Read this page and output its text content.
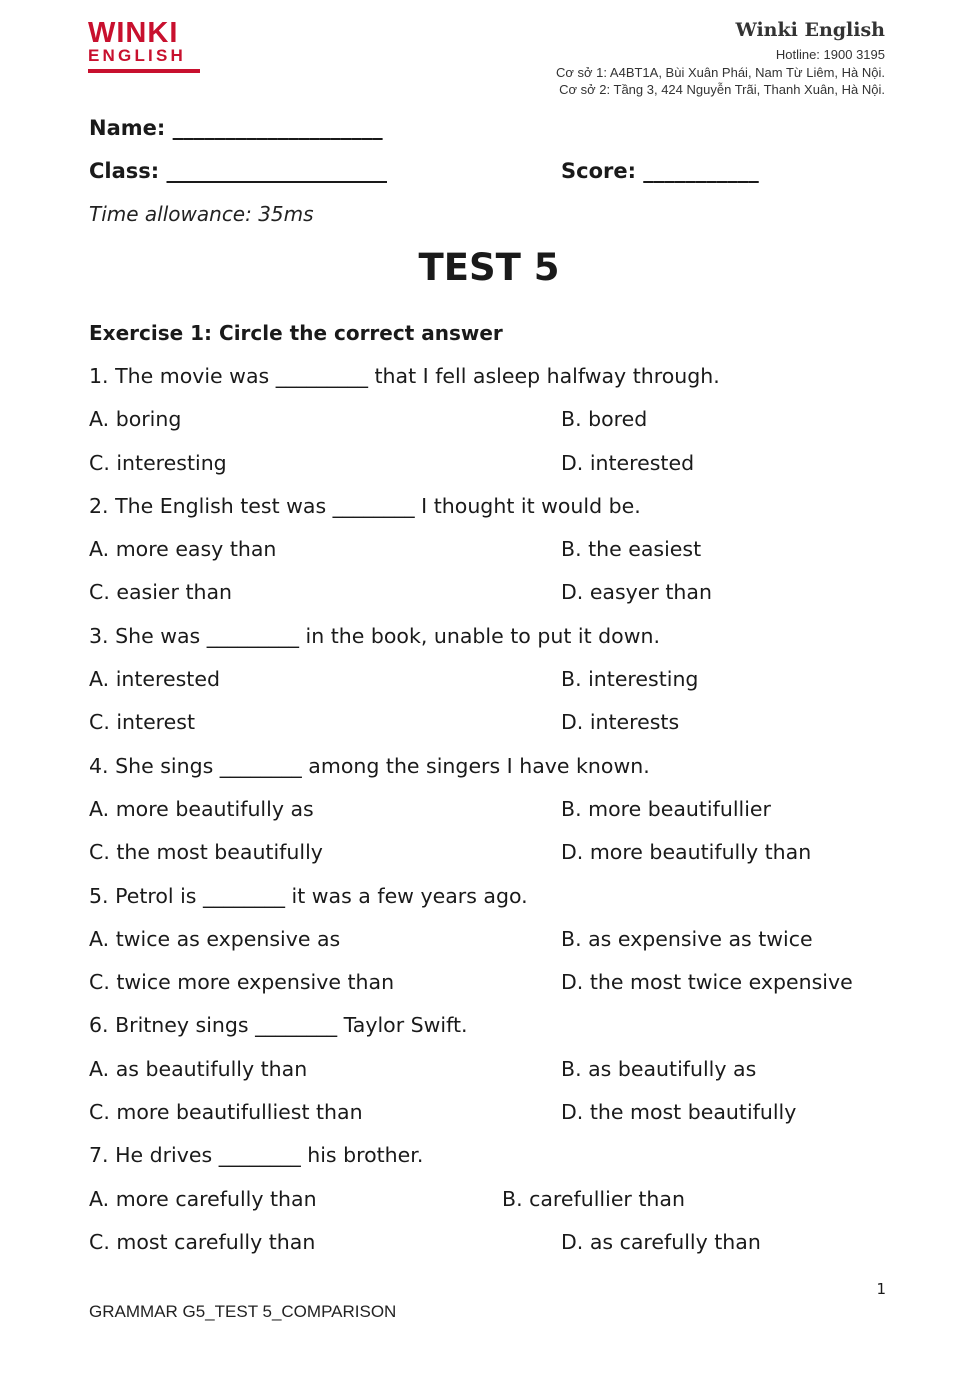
WINKI
ENGLISH
Winki English
Hotline: 1900 3195
Cơ sở 1: A4BT1A, Bùi Xuân Phái, Nam Từ Liêm, Hà Nội.
Cơ sở 2: Tầng 3, 424 Nguyễn Trãi, Thanh Xuân, Hà Nội.
Name: ____________________
Class: _____________________	Score: ___________
Time allowance: 35ms
TEST 5
Exercise 1: Circle the correct answer
1. The movie was _________ that I fell asleep halfway through.
A. boring	B. bored
C. interesting	D. interested
2. The English test was ________ I thought it would be.
A. more easy than	B. the easiest
C. easier than	D. easyer than
3. She was _________ in the book, unable to put it down.
A. interested	B. interesting
C. interest	D. interests
4. She sings ________ among the singers I have known.
A. more beautifully as	B. more beautifullier
C. the most beautifully	D. more beautifully than
5. Petrol is ________ it was a few years ago.
A. twice as expensive as	B. as expensive as twice
C. twice more expensive than	D. the most twice expensive
6. Britney sings ________ Taylor Swift.
A. as beautifully than	B. as beautifully as
C. more beautifulliest than	D. the most beautifully
7. He drives ________ his brother.
A. more carefully than	B. carefullier than
C. most carefully than	D. as carefully than
1
GRAMMAR G5_TEST 5_COMPARISON
